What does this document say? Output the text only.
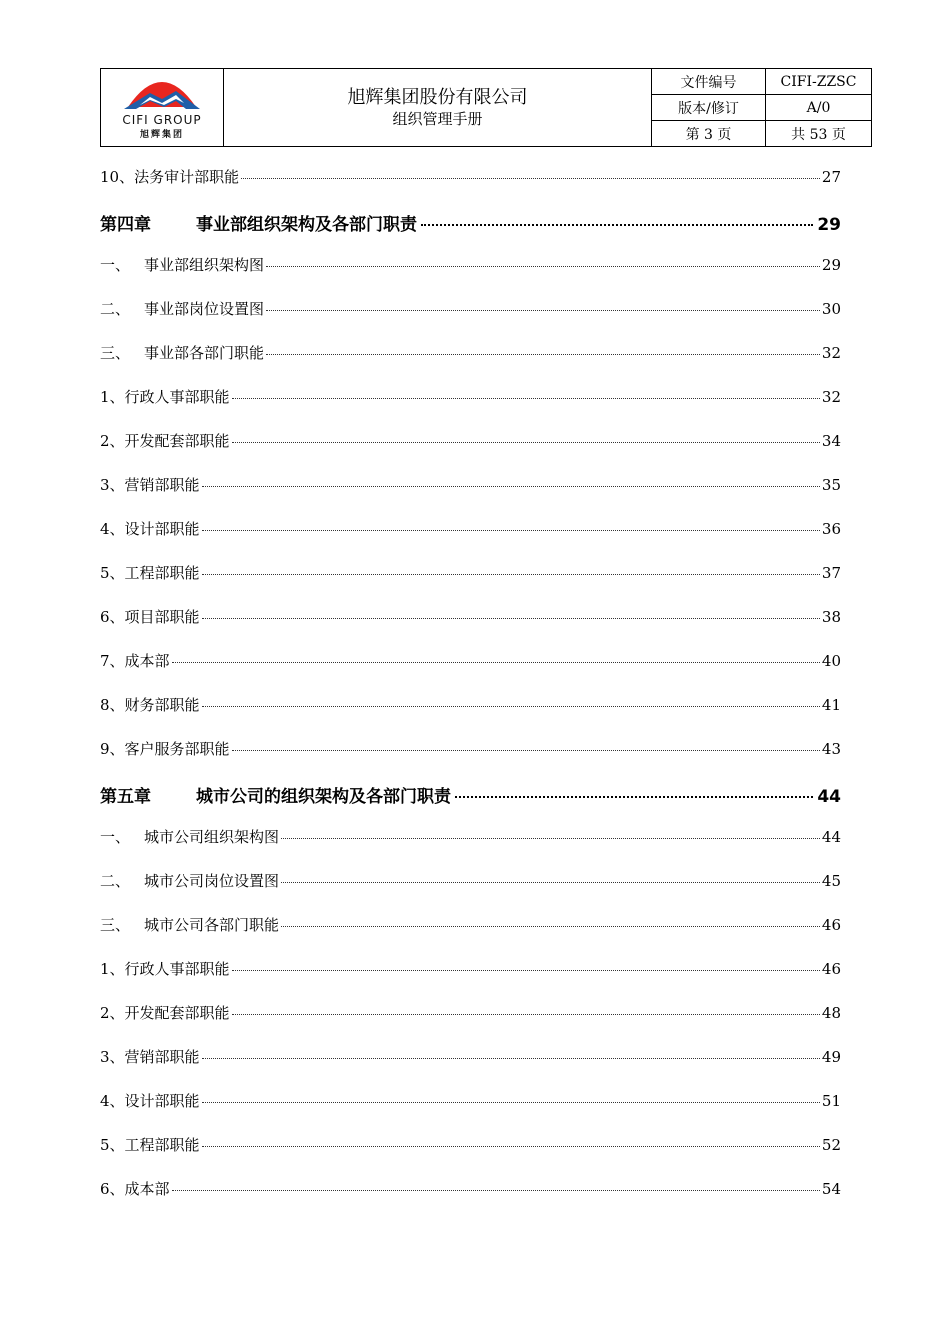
CIFI GROUP
旭辉集团
旭辉集团股份有限公司
组织管理手册
文件编号	CIFI-ZZSC
版本/修订	A/0
第 3 页	共 53 页
10、法务审计部职能	27
第四章	事业部组织架构及各部门职责	29
一、 事业部组织架构图	29
二、 事业部岗位设置图	30
三、 事业部各部门职能	32
1、行政人事部职能	32
2、开发配套部职能	34
3、营销部职能	35
4、设计部职能	36
5、工程部职能	37
6、项目部职能	38
7、成本部	40
8、财务部职能	41
9、客户服务部职能	43
第五章	城市公司的组织架构及各部门职责	44
一、 城市公司组织架构图	44
二、 城市公司岗位设置图	45
三、 城市公司各部门职能	46
1、行政人事部职能	46
2、开发配套部职能	48
3、营销部职能	49
4、设计部职能	51
5、工程部职能	52
6、成本部	54
